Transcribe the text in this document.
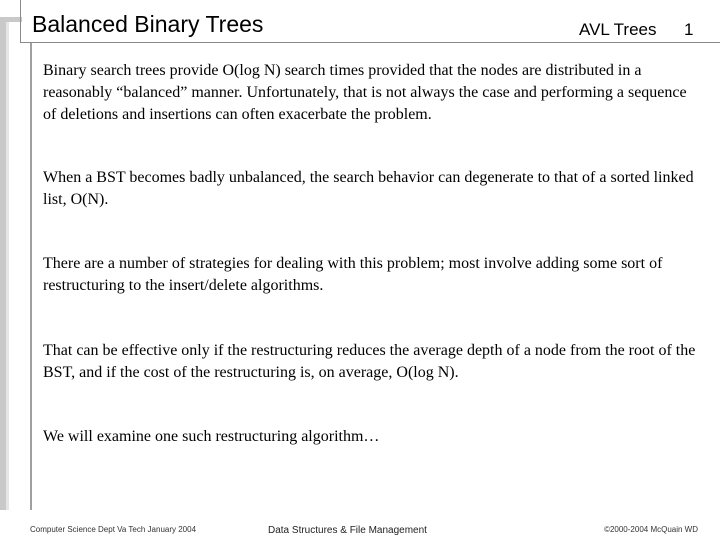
Balanced Binary Trees	AVL Trees 1
Binary search trees provide O(log N) search times provided that the nodes are distributed in a reasonably “balanced” manner. Unfortunately, that is not always the case and performing a sequence of deletions and insertions can often exacerbate the problem.
When a BST becomes badly unbalanced, the search behavior can degenerate to that of a sorted linked list, O(N).
There are a number of strategies for dealing with this problem; most involve adding some sort of restructuring to the insert/delete algorithms.
That can be effective only if the restructuring reduces the average depth of a node from the root of the BST, and if the cost of the restructuring is, on average, O(log N).
We will examine one such restructuring algorithm…
Computer Science Dept Va Tech January 2004	Data Structures & File Management	©2000-2004 McQuain WD
